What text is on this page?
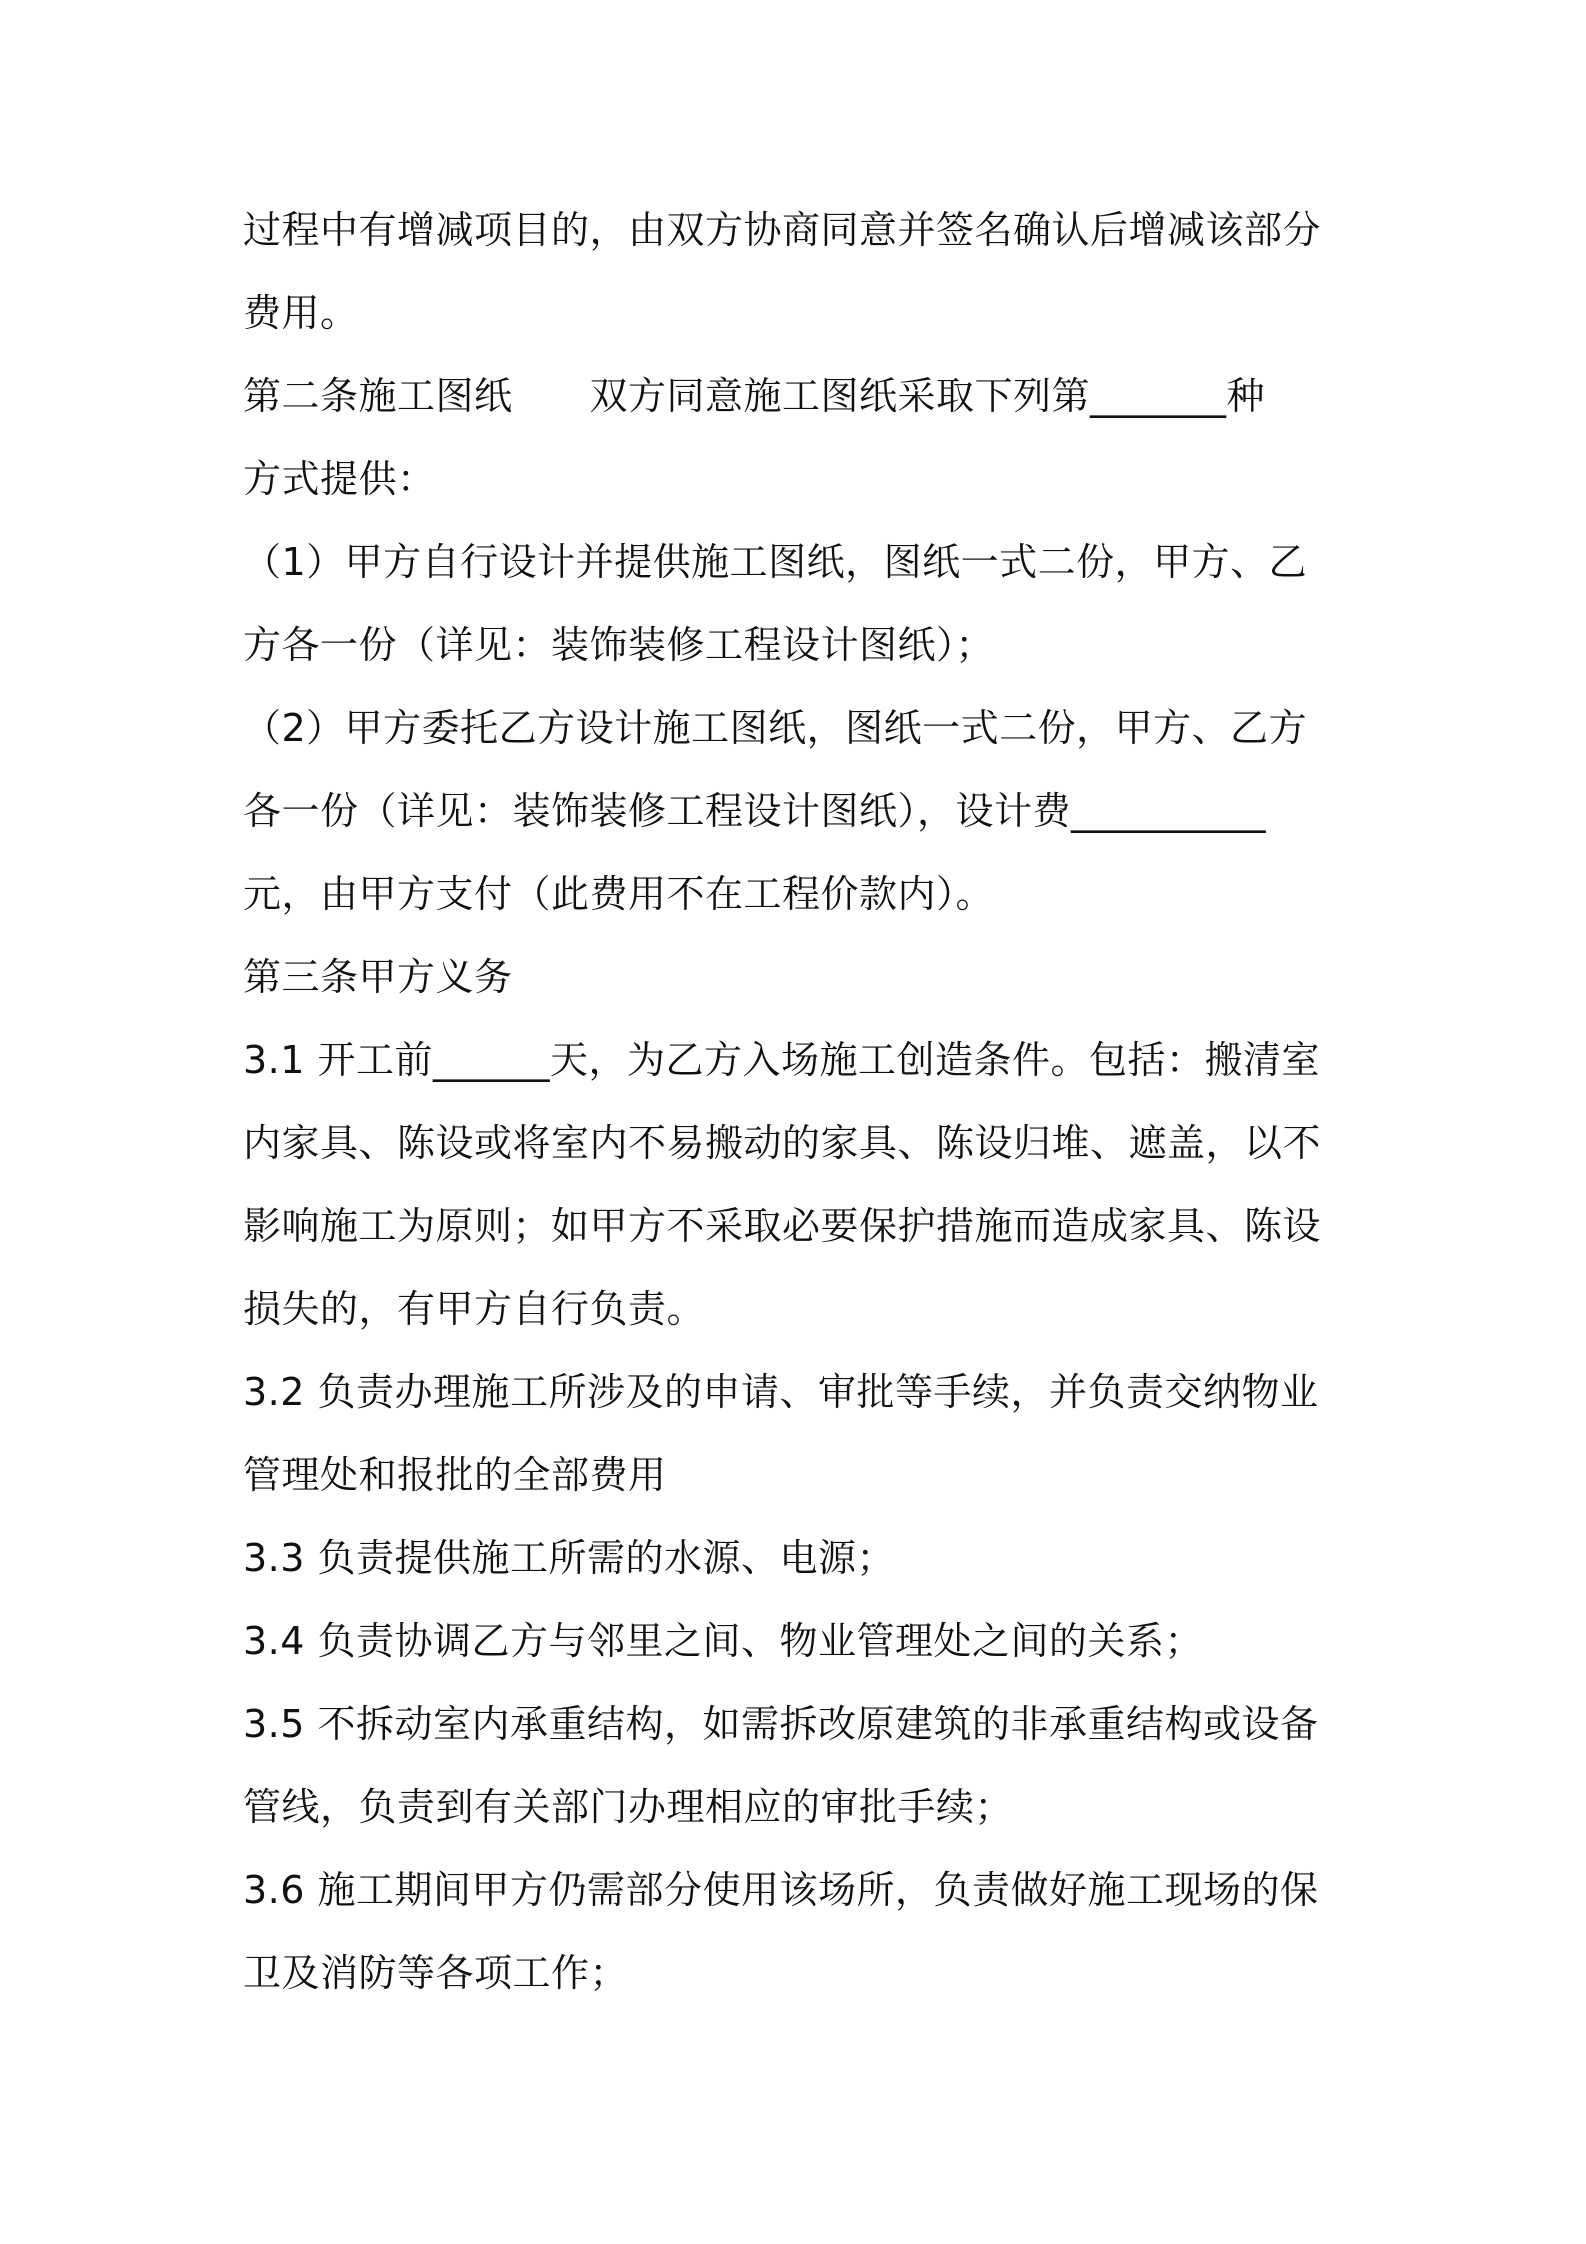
过程中有增减项目的，由双方协商同意并签名确认后增减该部分
费用。
第二条施工图纸　　双方同意施工图纸采取下列第_______种
方式提供：
（1）甲方自行设计并提供施工图纸，图纸一式二份，甲方、乙
方各一份（详见：装饰装修工程设计图纸）；
（2）甲方委托乙方设计施工图纸，图纸一式二份，甲方、乙方
各一份（详见：装饰装修工程设计图纸），设计费__________
元，由甲方支付（此费用不在工程价款内）。
第三条甲方义务
3.1 开工前______天，为乙方入场施工创造条件。包括：搬清室
内家具、陈设或将室内不易搬动的家具、陈设归堆、遮盖，以不
影响施工为原则；如甲方不采取必要保护措施而造成家具、陈设
损失的，有甲方自行负责。
3.2 负责办理施工所涉及的申请、审批等手续，并负责交纳物业
管理处和报批的全部费用
3.3 负责提供施工所需的水源、电源；
3.4 负责协调乙方与邻里之间、物业管理处之间的关系；
3.5 不拆动室内承重结构，如需拆改原建筑的非承重结构或设备
管线，负责到有关部门办理相应的审批手续；
3.6 施工期间甲方仍需部分使用该场所，负责做好施工现场的保
卫及消防等各项工作；
